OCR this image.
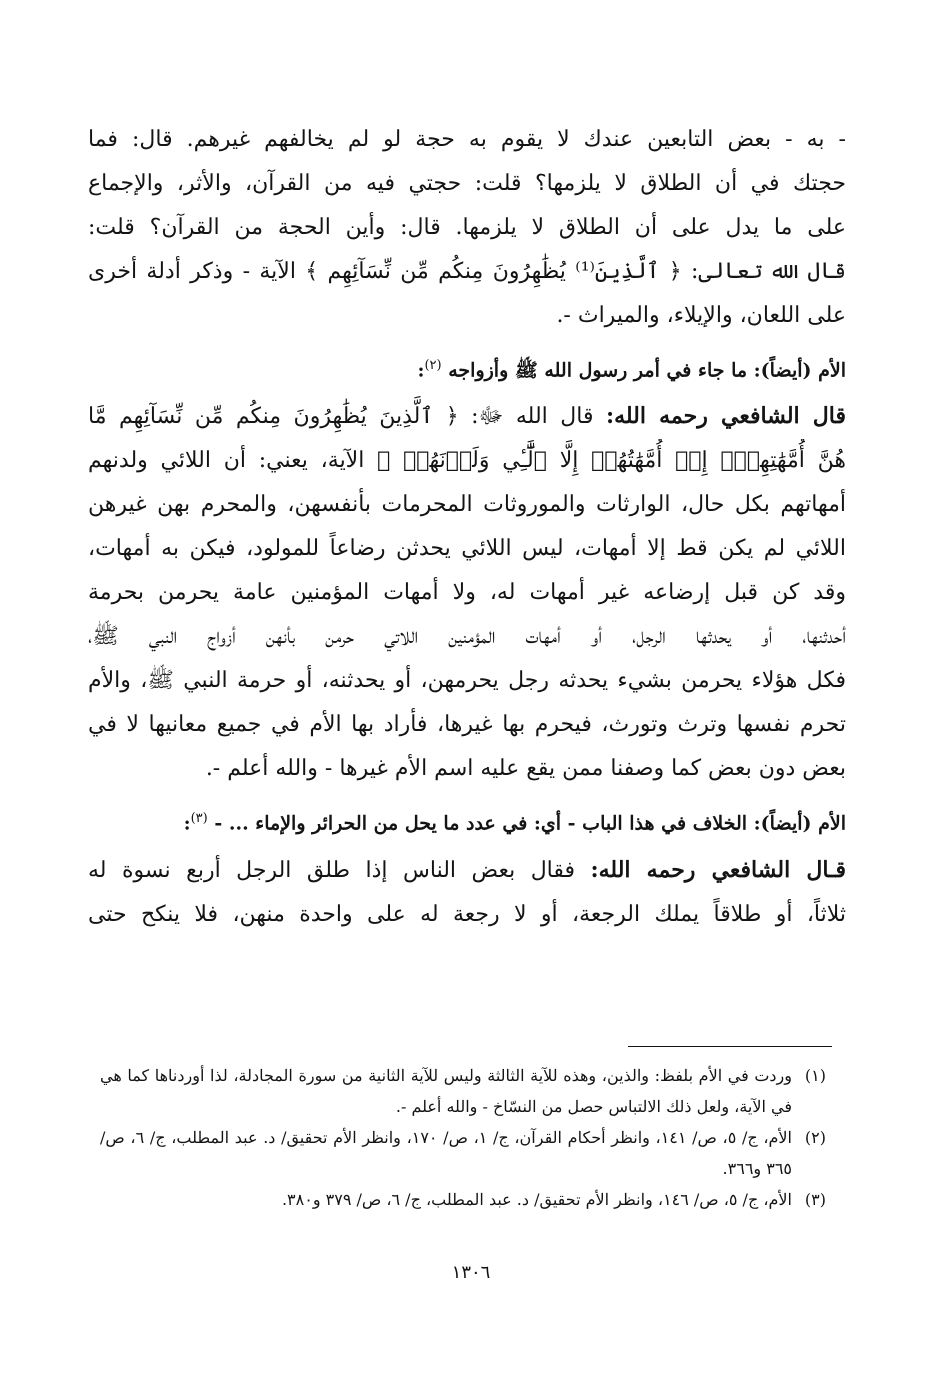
- به - بعض التابعين عندك لا يقوم به حجة لو لم يخالفهم غيرهم. قال: فما
حجتك في أن الطلاق لا يلزمها؟ قلت: حجتي فيه من القرآن، والأثر، والإجماع
على ما يدل على أن الطلاق لا يلزمها. قال: وأين الحجة من القرآن؟ قلت:
قال الله تعالى: ﴿ ٱلَّذِينَ⁽¹⁾ يُظَٰهِرُونَ مِنكُم مِّن نِّسَآئِهِم ﴾ الآية - وذكر أدلة أخرى
على اللعان، والإيلاء، والميراث -.

الأم (أيضاً): ما جاء في أمر رسول الله ﷺ وأزواجه $^{(٢)}$:

قال الشافعي رحمه الله: قال الله ﷻ: ﴿ ٱلَّذِينَ يُظَٰهِرُونَ مِنكُم مِّن نِّسَآئِهِم مَّا
هُنَّ أُمَّهَٰتِهِمۡۖ إِنۡ أُمَّهَٰتُهُمۡ إِلَّا ٱلَّٰٓـِٔي وَلَدۡنَهُمۡ ﴾ الآية، يعني: أن اللائي ولدنهم
أمهاتهم بكل حال، الوارثات والموروثات المحرمات بأنفسهن، والمحرم بهن غيرهن
اللائي لم يكن قط إلا أمهات، ليس اللائي يحدثن رضاعاً للمولود، فيكن به أمهات،
وقد كن قبل إرضاعه غير أمهات له، ولا أمهات المؤمنين عامة يحرمن بحرمة
أحدثنها، أو يحدثها الرجل، أو أمهات المؤمنين اللاتي حرمن بأنهن أزواج النبي ﷺ،
فكل هؤلاء يحرمن بشيء يحدثه رجل يحرمهن، أو يحدثنه، أو حرمة النبي ﷺ، والأم
تحرم نفسها وترث وتورث، فيحرم بها غيرها، فأراد بها الأم في جميع معانيها لا في
بعض دون بعض كما وصفنا ممن يقع عليه اسم الأم غيرها - والله أعلم -.

الأم (أيضاً): الخلاف في هذا الباب - أي: في عدد ما يحل من الحرائر والإماء ... - $^{(٣)}$:

قـال الشافعي رحمه الله: فقال بعض الناس إذا طلق الرجل أربع نسوة له
ثلاثاً، أو طلاقاً يملك الرجعة، أو لا رجعة له على واحدة منهن، فلا ينكح حتى

(١)
وردت في الأم بلفظ: والذين، وهذه للآية الثالثة وليس للآية الثانية من سورة المجادلة، لذا أوردناها كما هي في الآية، ولعل ذلك الالتباس حصل من النسّاخ - والله أعلم -.
(٢)
الأم، ج/ ٥، ص/ ١٤١، وانظر أحكام القرآن، ج/ ١، ص/ ١٧٠، وانظر الأم تحقيق/ د. عبد المطلب، ج/ ٦، ص/ ٣٦٥ و٣٦٦.
(٣)
الأم، ج/ ٥، ص/ ١٤٦، وانظر الأم تحقيق/ د. عبد المطلب، ج/ ٦، ص/ ٣٧٩ و٣٨٠.
١٣٠٦
